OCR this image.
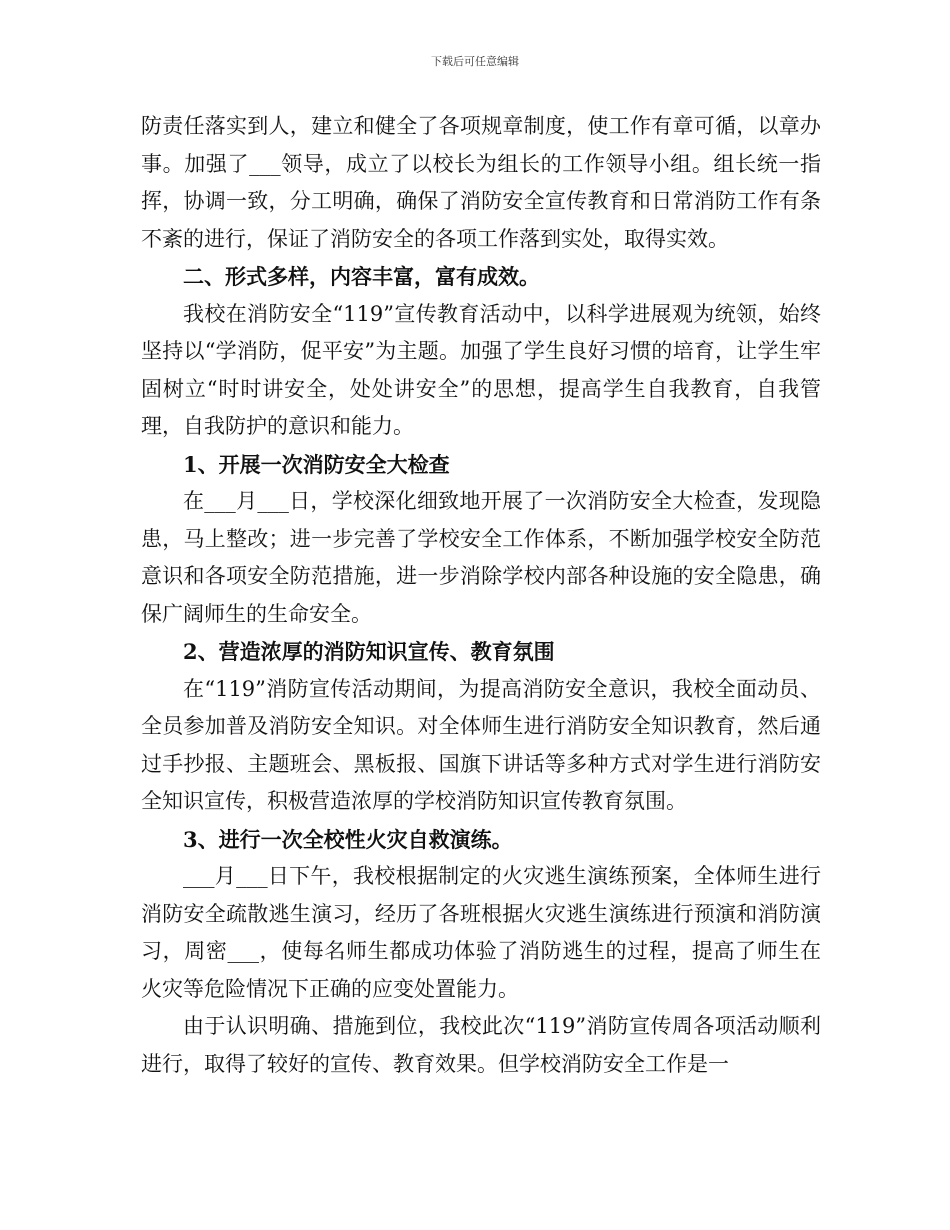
下载后可任意编辑

防责任落实到人，建立和健全了各项规章制度，使工作有章可循，以章办事。加强了___领导，成立了以校长为组长的工作领导小组。组长统一指挥，协调一致，分工明确，确保了消防安全宣传教育和日常消防工作有条不紊的进行，保证了消防安全的各项工作落到实处，取得实效。

二、形式多样，内容丰富，富有成效。

我校在消防安全“119”宣传教育活动中，以科学进展观为统领，始终坚持以“学消防，促平安”为主题。加强了学生良好习惯的培育，让学生牢固树立“时时讲安全，处处讲安全”的思想，提高学生自我教育，自我管理，自我防护的意识和能力。

1、开展一次消防安全大检查

在___月___日，学校深化细致地开展了一次消防安全大检查，发现隐患，马上整改；进一步完善了学校安全工作体系，不断加强学校安全防范意识和各项安全防范措施，进一步消除学校内部各种设施的安全隐患，确保广阔师生的生命安全。

2、营造浓厚的消防知识宣传、教育氛围

在“119”消防宣传活动期间，为提高消防安全意识，我校全面动员、全员参加普及消防安全知识。对全体师生进行消防安全知识教育，然后通过手抄报、主题班会、黑板报、国旗下讲话等多种方式对学生进行消防安全知识宣传，积极营造浓厚的学校消防知识宣传教育氛围。

3、进行一次全校性火灾自救演练。

___月___日下午，我校根据制定的火灾逃生演练预案，全体师生进行消防安全疏散逃生演习，经历了各班根据火灾逃生演练进行预演和消防演习，周密___，使每名师生都成功体验了消防逃生的过程，提高了师生在火灾等危险情况下正确的应变处置能力。

由于认识明确、措施到位，我校此次“119”消防宣传周各项活动顺利进行，取得了较好的宣传、教育效果。但学校消防安全工作是一
